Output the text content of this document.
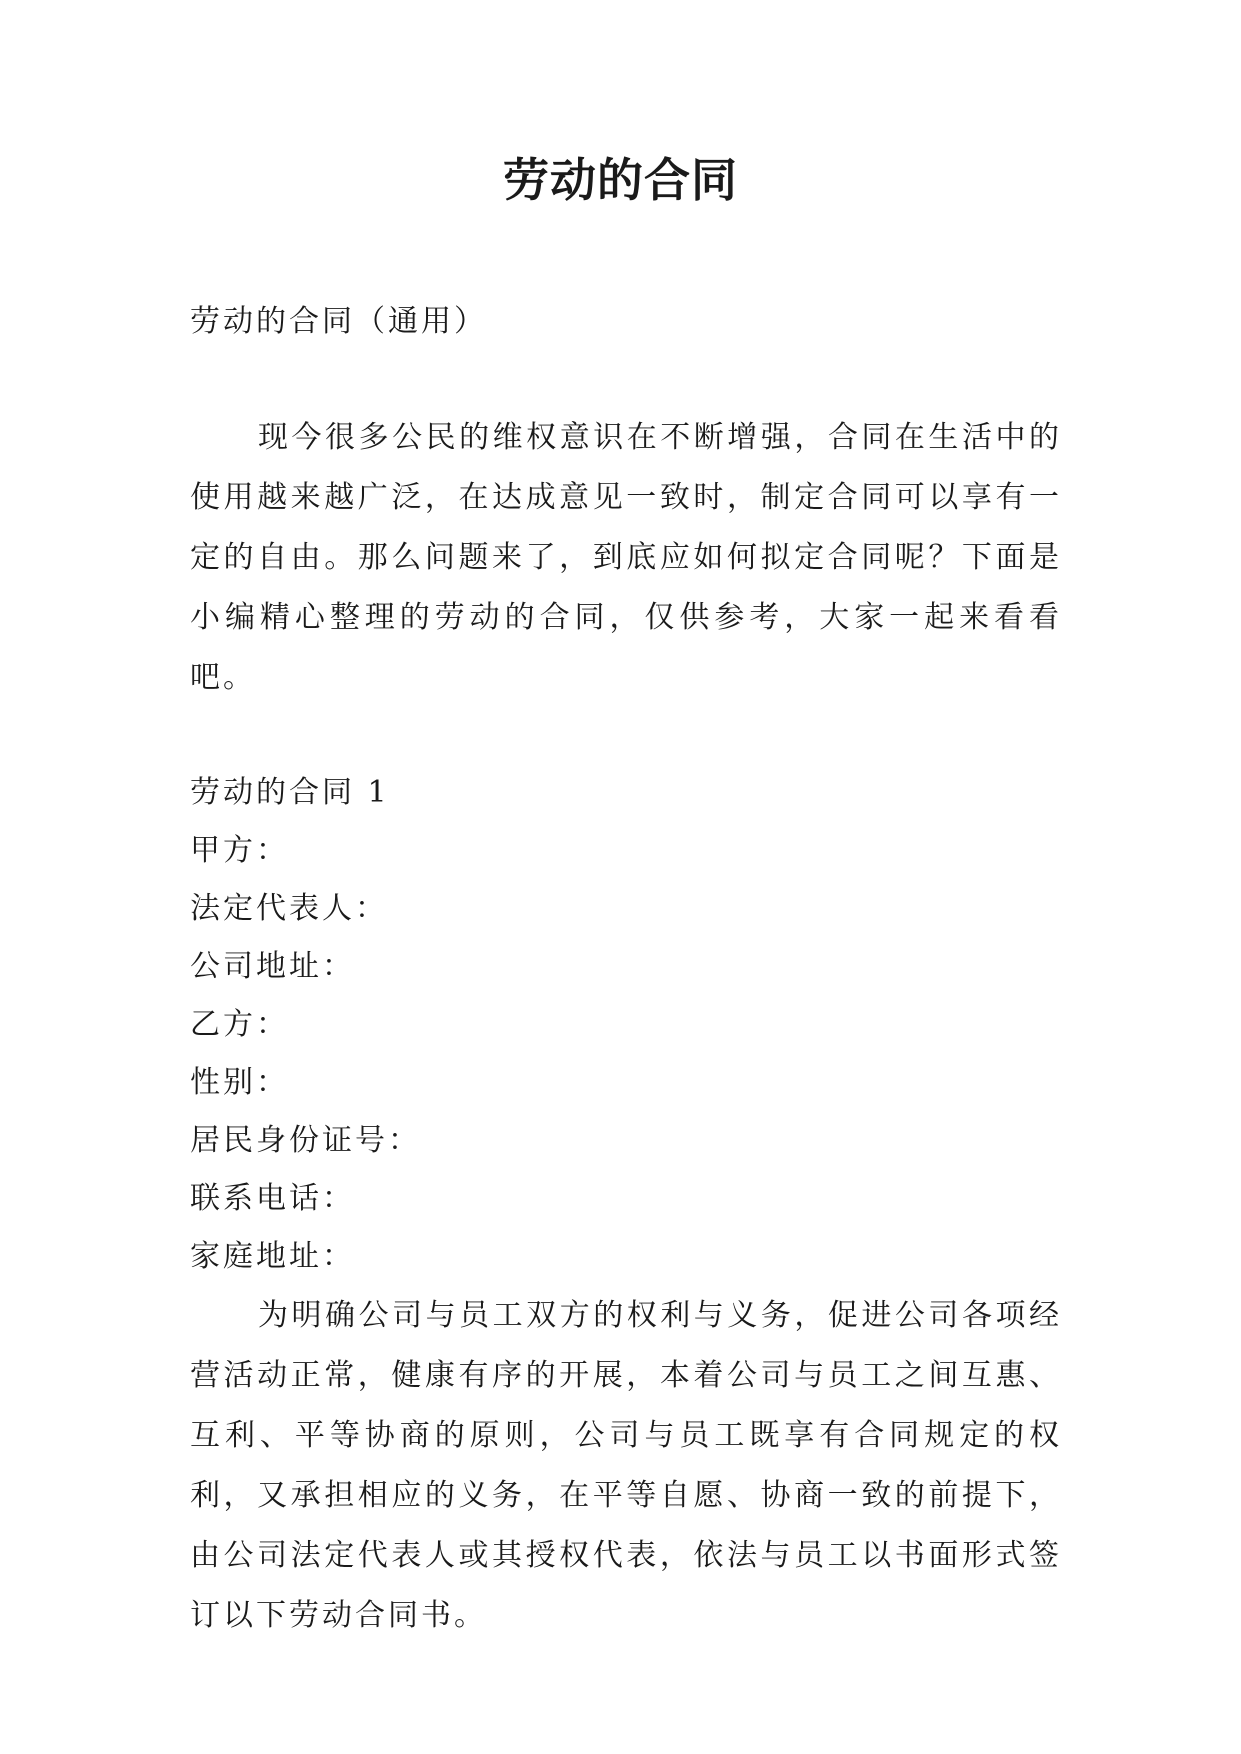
劳动的合同

劳动的合同（通用）

现今很多公民的维权意识在不断增强，合同在生活中的使用越来越广泛，在达成意见一致时，制定合同可以享有一定的自由。那么问题来了，到底应如何拟定合同呢？下面是小编精心整理的劳动的合同，仅供参考，大家一起来看看吧。

劳动的合同 1

甲方：

法定代表人：

公司地址：

乙方：

性别：

居民身份证号：

联系电话：

家庭地址：

为明确公司与员工双方的权利与义务，促进公司各项经营活动正常，健康有序的开展，本着公司与员工之间互惠、互利、平等协商的原则，公司与员工既享有合同规定的权利，又承担相应的义务，在平等自愿、协商一致的前提下，由公司法定代表人或其授权代表，依法与员工以书面形式签订以下劳动合同书。
